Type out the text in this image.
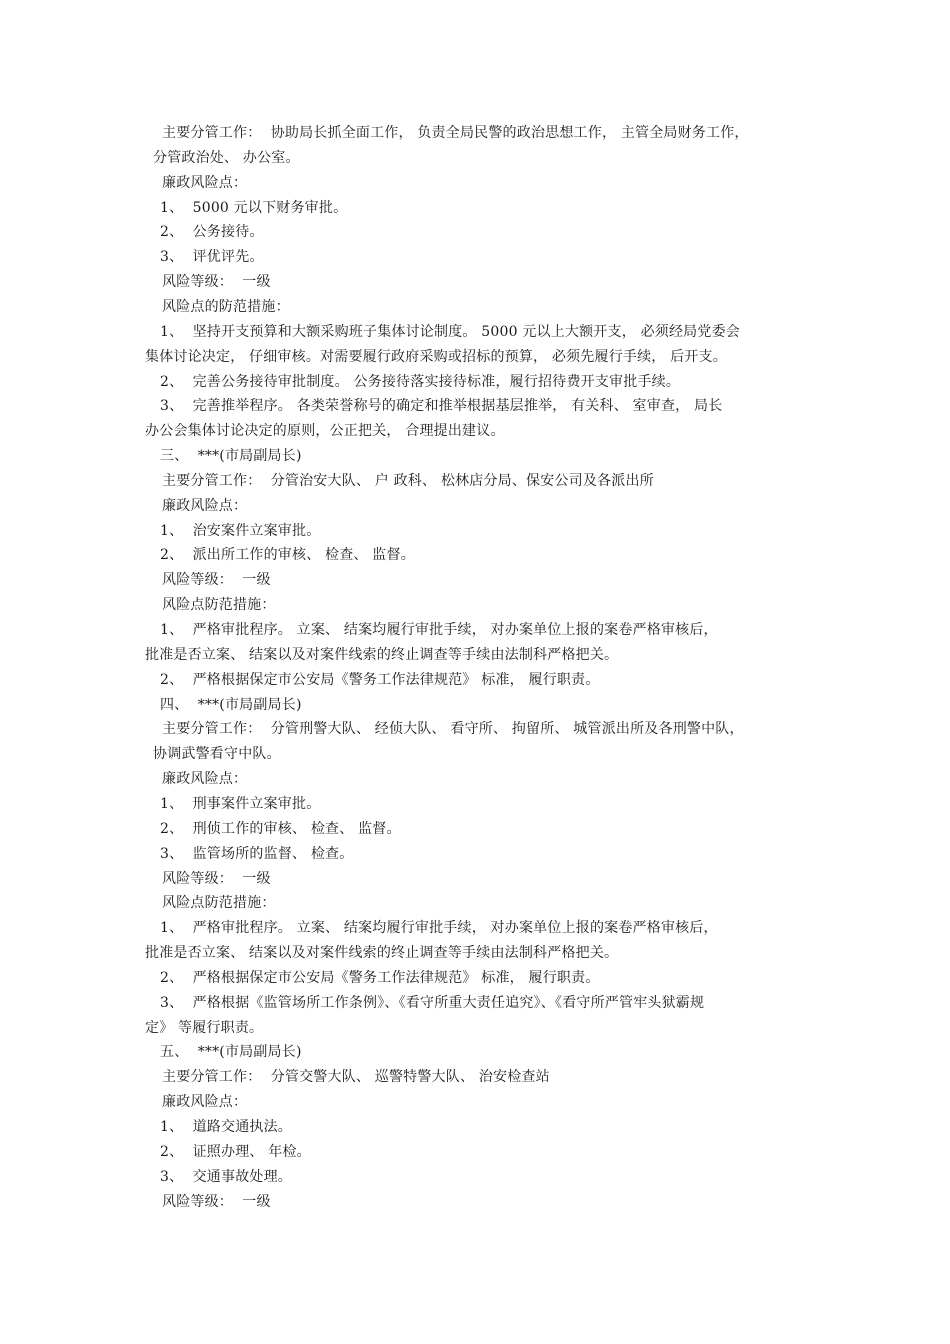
主要分管工作：  协助局长抓全面工作， 负责全局民警的政治思想工作， 主管全局财务工作，
分管政治处、 办公室。
廉政风险点：
1、  5000 元以下财务审批。
2、  公务接待。
3、  评优评先。
风险等级：  一级
风险点的防范措施：
1、  坚持开支预算和大额采购班子集体讨论制度。 5000 元以上大额开支， 必须经局党委会
集体讨论决定， 仔细审核。对需要履行政府采购或招标的预算， 必须先履行手续， 后开支。
2、  完善公务接待审批制度。 公务接待落实接待标准，履行招待费开支审批手续。
3、  完善推举程序。 各类荣誉称号的确定和推举根据基层推举， 有关科、 室审查， 局长
办公会集体讨论决定的原则，公正把关， 合理提出建议。
三、  ***(市局副局长)
主要分管工作：  分管治安大队、 户 政科、 松林店分局、保安公司及各派出所
廉政风险点：
1、  治安案件立案审批。
2、  派出所工作的审核、 检查、 监督。
风险等级：  一级
风险点防范措施：
1、  严格审批程序。 立案、 结案均履行审批手续， 对办案单位上报的案卷严格审核后，
批准是否立案、 结案以及对案件线索的终止调查等手续由法制科严格把关。
2、  严格根据保定市公安局《警务工作法律规范》 标准， 履行职责。
四、  ***(市局副局长)
主要分管工作：  分管刑警大队、 经侦大队、 看守所、 拘留所、 城管派出所及各刑警中队，
协调武警看守中队。
廉政风险点：
1、  刑事案件立案审批。
2、  刑侦工作的审核、 检查、 监督。
3、  监管场所的监督、 检查。
风险等级：  一级
风险点防范措施：
1、  严格审批程序。 立案、 结案均履行审批手续， 对办案单位上报的案卷严格审核后，
批准是否立案、 结案以及对案件线索的终止调查等手续由法制科严格把关。
2、  严格根据保定市公安局《警务工作法律规范》 标准， 履行职责。
3、  严格根据《监管场所工作条例》、《看守所重大责任追究》、《看守所严管牢头狱霸规
定》 等履行职责。
五、  ***(市局副局长)
主要分管工作：  分管交警大队、 巡警特警大队、 治安检查站
廉政风险点：
1、  道路交通执法。
2、  证照办理、 年检。
3、  交通事故处理。
风险等级：  一级
